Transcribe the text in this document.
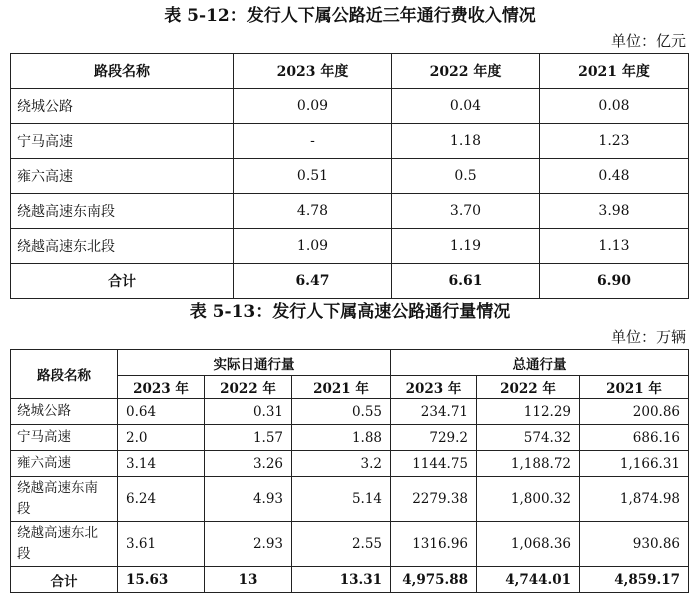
表 5-12：发行人下属公路近三年通行费收入情况
单位：亿元
路段名称	2023 年度	2022 年度	2021 年度
绕城公路	0.09	0.04	0.08
宁马高速	-	1.18	1.23
雍六高速	0.51	0.5	0.48
绕越高速东南段	4.78	3.70	3.98
绕越高速东北段	1.09	1.19	1.13
合计	6.47	6.61	6.90
表 5-13：发行人下属高速公路通行量情况
单位：万辆
路段名称	实际日通行量			总通行量		
	2023 年	2022 年	2021 年	2023 年	2022 年	2021 年
绕城公路	0.64	0.31	0.55	234.71	112.29	200.86
宁马高速	2.0	1.57	1.88	729.2	574.32	686.16
雍六高速	3.14	3.26	3.2	1144.75	1,188.72	1,166.31
绕越高速东南段	6.24	4.93	5.14	2279.38	1,800.32	1,874.98
绕越高速东北段	3.61	2.93	2.55	1316.96	1,068.36	930.86
合计	15.63	13	13.31	4,975.88	4,744.01	4,859.17
